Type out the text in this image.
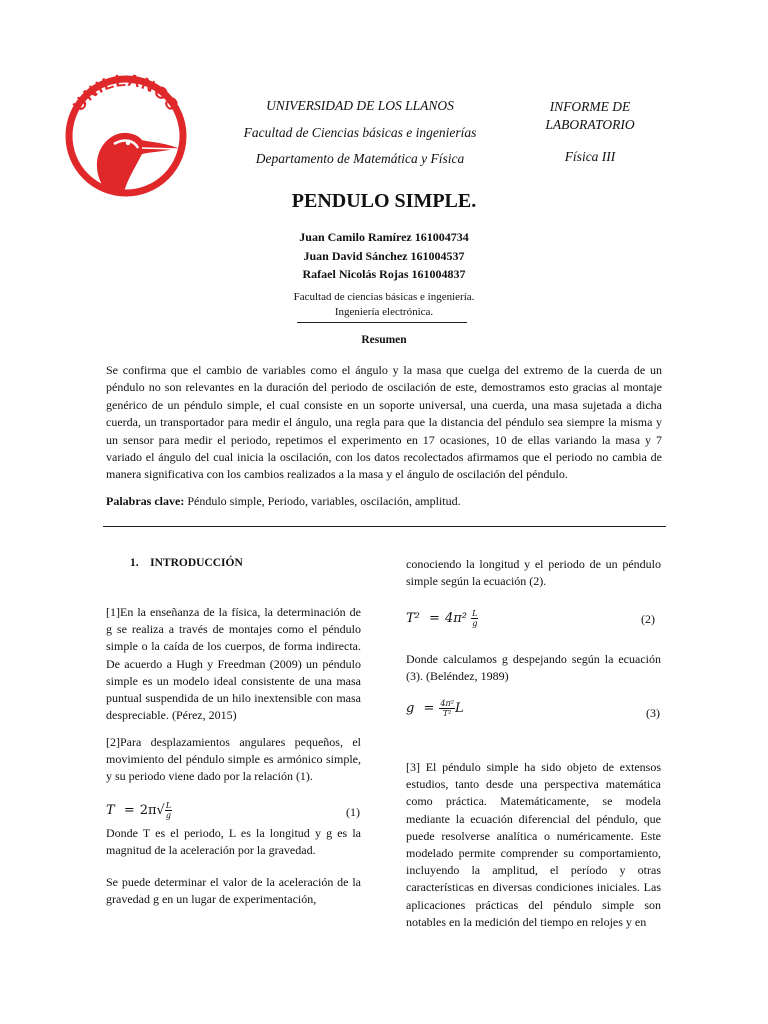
UNILLANOS	UNIVERSIDAD DE LOS LLANOS
Facultad de Ciencias básicas e ingenierías
Departamento de Matemática y Física
INFORME DE
LABORATORIO
Física III
PENDULO SIMPLE.
Juan Camilo Ramírez 161004734
Juan David Sánchez 161004537
Rafael Nicolás Rojas 161004837
Facultad de ciencias básicas e ingeniería.
Ingeniería electrónica.
Resumen

Se confirma que el cambio de variables como el ángulo y la masa que cuelga del extremo de la cuerda de un péndulo no son relevantes en la duración del periodo de oscilación de este, demostramos esto gracias al montaje genérico de un péndulo simple, el cual consiste en un soporte universal, una cuerda, una masa sujetada a dicha cuerda, un transportador para medir el ángulo, una regla para que la distancia del péndulo sea siempre la misma y un sensor para medir el periodo, repetimos el experimento en 17 ocasiones, 10 de ellas variando la masa y 7 variado el ángulo del cual inicia la oscilación, con los datos recolectados afirmamos que el periodo no cambia de manera significativa con los cambios realizados a la masa y el ángulo de oscilación del péndulo.

Palabras clave: Péndulo simple, Periodo, variables, oscilación, amplitud.
1.    INTRODUCCIÓN

[1]En la enseñanza de la física, la determinación de g se realiza a través de montajes como el péndulo simple o la caída de los cuerpos, de forma indirecta. De acuerdo a Hugh y Freedman (2009) un péndulo simple es un modelo ideal consistente de una masa puntual suspendida de un hilo inextensible con masa despreciable. (Pérez, 2015)

[2]Para desplazamientos angulares pequeños, el movimiento del péndulo simple es armónico simple, y su periodo viene dado por la relación (1).

$T = 2\pi√ \frac{L}{g}$	(1)

Donde T es el periodo, L es la longitud y g es la magnitud de la aceleración por la gravedad.

Se puede determinar el valor de la aceleración de la gravedad g en un lugar de experimentación,

conociendo la longitud y el periodo de un péndulo simple según la ecuación (2).

$T^2 = 4\pi^2 \frac{L}{g}$	(2)

Donde calculamos g despejando según la ecuación (3). (Beléndez, 1989)

$g = \frac{\text{4π²}}{\text{T²}}$ L	(3)

[3] El péndulo simple ha sido objeto de extensos estudios, tanto desde una perspectiva matemática como práctica. Matemáticamente, se modela mediante la ecuación diferencial del péndulo, que puede resolverse analítica o numéricamente. Este modelado permite comprender su comportamiento, incluyendo la amplitud, el período y otras características en diversas condiciones iniciales. Las aplicaciones prácticas del péndulo simple son notables en la medición del tiempo en relojes y en
